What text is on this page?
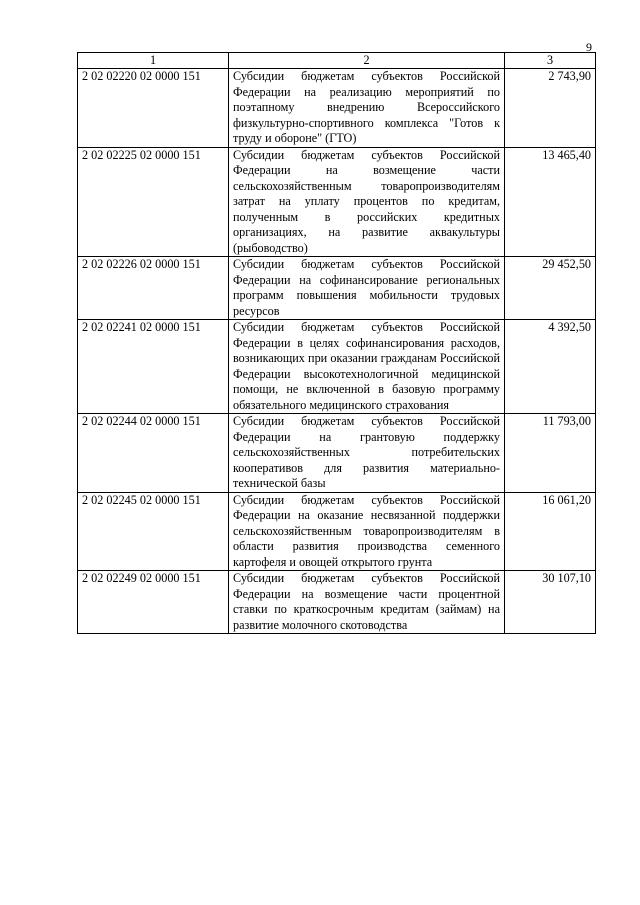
9
1	2	3
2 02 02220 02 0000 151	Субсидии бюджетам субъектов Российской Федерации на реализацию мероприятий по поэтапному внедрению Всероссийского физкультурно-спортивного комплекса "Готов к труду и обороне" (ГТО)	2 743,90
2 02 02225 02 0000 151	Субсидии бюджетам субъектов Российской Федерации на возмещение части сельскохозяйственным товаропроизводителям затрат на уплату процентов по кредитам, полученным в российских кредитных организациях, на развитие аквакультуры (рыбоводство)	13 465,40
2 02 02226 02 0000 151	Субсидии бюджетам субъектов Российской Федерации на софинансирование региональных программ повышения мобильности трудовых ресурсов	29 452,50
2 02 02241 02 0000 151	Субсидии бюджетам субъектов Российской Федерации в целях софинансирования расходов, возникающих при оказании гражданам Российской Федерации высокотехнологичной медицинской помощи, не включенной в базовую программу обязательного медицинского страхования	4 392,50
2 02 02244 02 0000 151	Субсидии бюджетам субъектов Российской Федерации на грантовую поддержку сельскохозяйственных потребительских кооперативов для развития материально-технической базы	11 793,00
2 02 02245 02 0000 151	Субсидии бюджетам субъектов Российской Федерации на оказание несвязанной поддержки сельскохозяйственным товаропроизводителям в области развития производства семенного картофеля и овощей открытого грунта	16 061,20
2 02 02249 02 0000 151	Субсидии бюджетам субъектов Российской Федерации на возмещение части процентной ставки по краткосрочным кредитам (займам) на развитие молочного скотоводства	30 107,10
